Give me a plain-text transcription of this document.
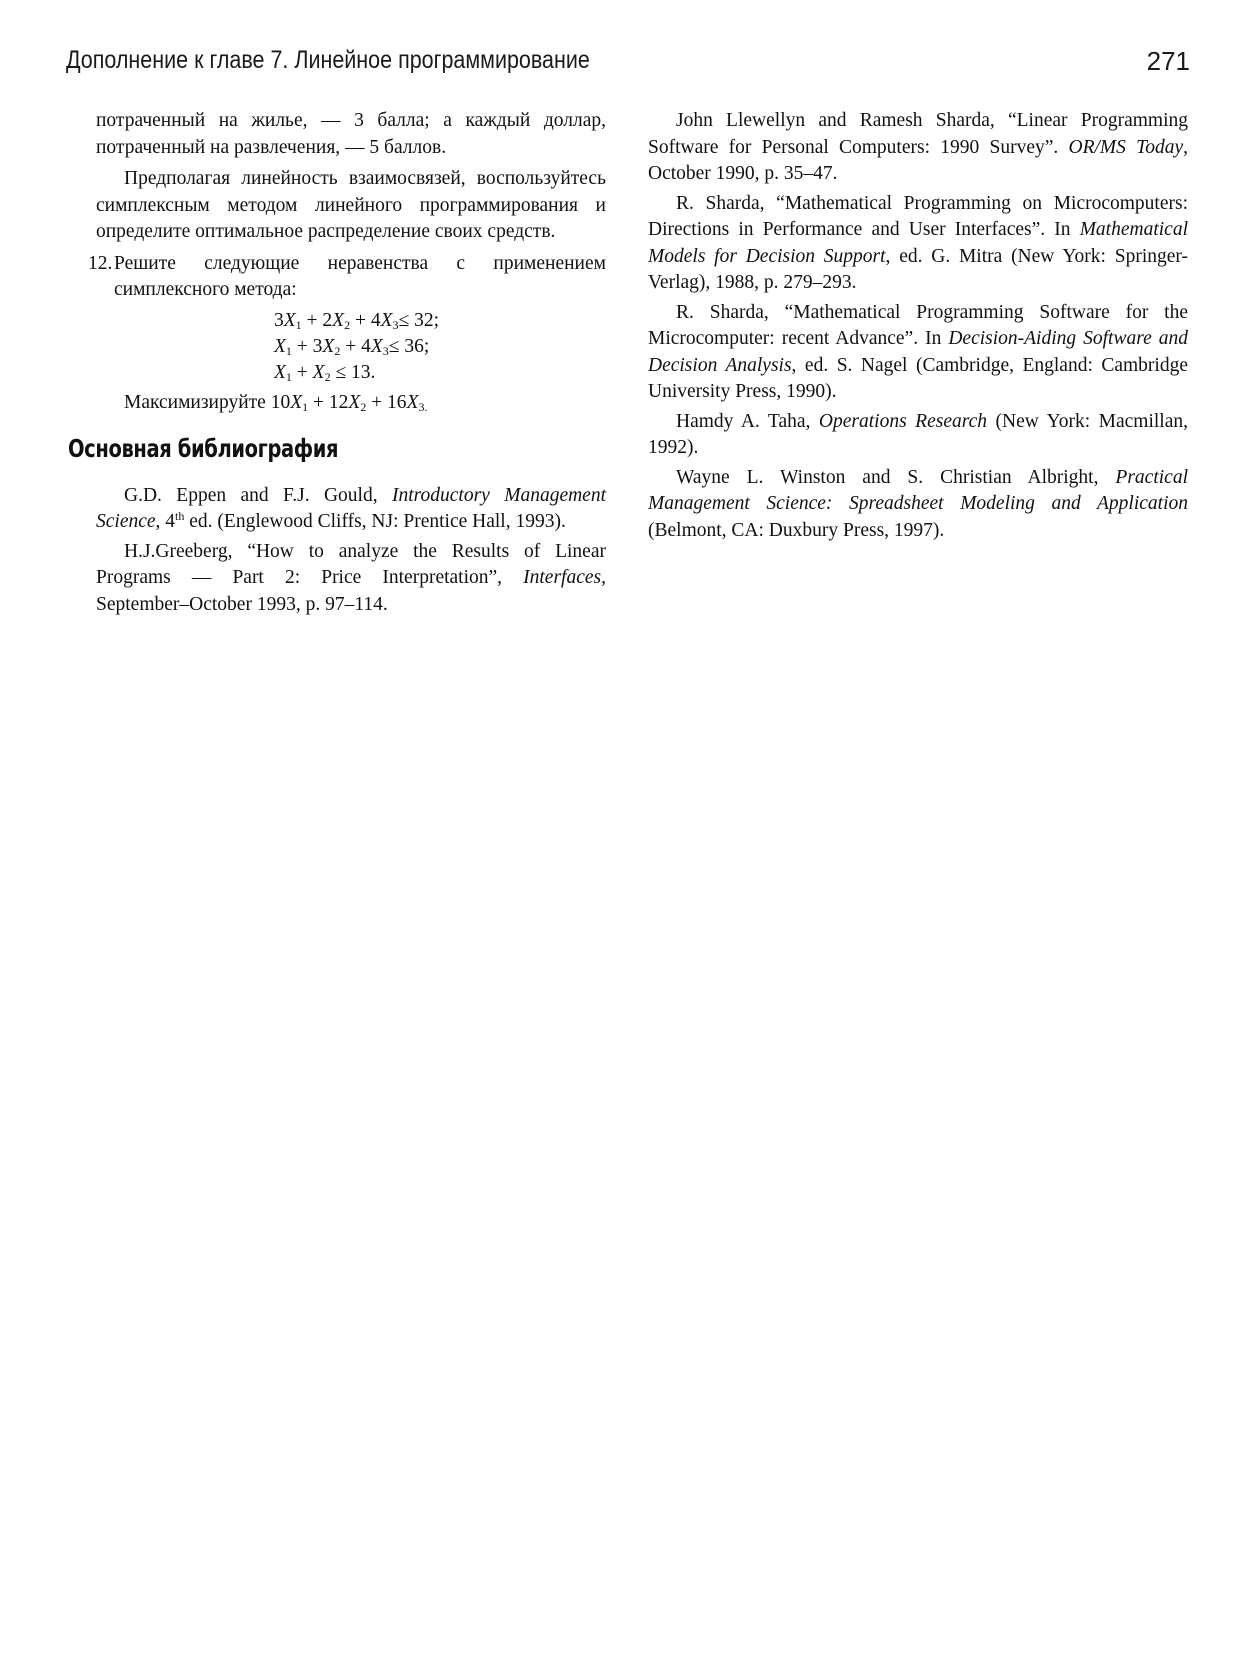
Дополнение к главе 7. Линейное программирование	271

потраченный на жилье, — 3 балла; а каждый доллар, потраченный на развлечения, — 5 баллов.

Предполагая линейность взаимосвязей, воспользуйтесь симплексным методом линейного программирования и определите оптимальное распределение своих средств.

12. Решите следующие неравенства с применением симплексного метода:
$3X_1 + 2X_2 + 4X_3\le 32$;
$X_1 + 3X_2 + 4X_3\le 36$;
$X_1 + X_2 \le 13$.

Максимизируйте $10X_1 + 12X_2 + 16X_{3.}$

Основная библиография

G.D. Eppen and F.J. Gould, Introductory Management Science, 4th ed. (Englewood Cliffs, NJ: Prentice Hall, 1993).

H.J.Greeberg, “How to analyze the Results of Linear Programs — Part 2: Price Interpretation”, Interfaces, September–October 1993, p. 97–114.

John Llewellyn and Ramesh Sharda, “Linear Programming Software for Personal Computers: 1990 Survey”. OR/MS Today, October 1990, p. 35–47.

R. Sharda, “Mathematical Programming on Microcomputers: Directions in Performance and User Interfaces”. In Mathematical Models for Decision Support, ed. G. Mitra (New York: Springer-Verlag), 1988, p. 279–293.

R. Sharda, “Mathematical Programming Software for the Microcomputer: recent Advance”. In Decision-Aiding Software and Decision Analysis, ed. S. Nagel (Cambridge, England: Cambridge University Press, 1990).

Hamdy A. Taha, Operations Research (New York: Macmillan, 1992).

Wayne L. Winston and S. Christian Albright, Practical Management Science: Spreadsheet Modeling and Application (Belmont, CA: Duxbury Press, 1997).
